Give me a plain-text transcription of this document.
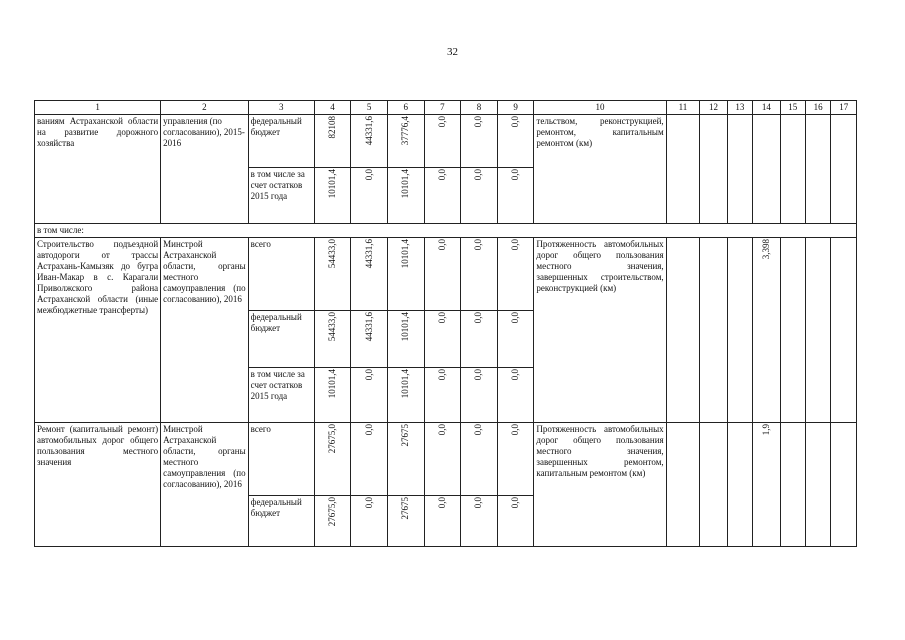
32
1	2	3	4	5	6	7	8	9	10	11	12	13	14	15	16	17
ваниям Астраханской области на развитие дорожного хозяйства	управления (по согласованию), 2015-2016	федеральный бюджет	82108	44331,6	37776,4	0,0	0,0	0,0	тельством, реконструкцией, ремонтом, капитальным ремонтом (км)							
		в том числе за счет остатков 2015 года	10101,4	0,0	10101,4	0,0	0,0	0,0								
в том числе:																
Строительство подъездной автодороги от трассы Астрахань-Камызяк до бугра Иван-Макар в с. Карагали Приволжского района Астраханской области (иные межбюджетные трансферты)	Минстрой Астраханской области, органы местного самоуправления (по согласованию), 2016	всего	54433,0	44331,6	10101,4	0,0	0,0	0,0	Протяженность автомобильных дорог общего пользования местного значения, завершенных строительством, реконструкцией (км)				3,398			
		федеральный бюджет	54433,0	44331,6	10101,4	0,0	0,0	0,0								
		в том числе за счет остатков 2015 года	10101,4	0,0	10101,4	0,0	0,0	0,0								
Ремонт (капитальный ремонт) автомобильных дорог общего пользования местного значения	Минстрой Астраханской области, органы местного самоуправления (по согласованию), 2016	всего	27675,0	0,0	27675	0,0	0,0	0,0	Протяженность автомобильных дорог общего пользования местного значения, завершенных ремонтом, капитальным ремонтом (км)				1,9			
		федеральный бюджет	27675,0	0,0	27675	0,0	0,0	0,0								
